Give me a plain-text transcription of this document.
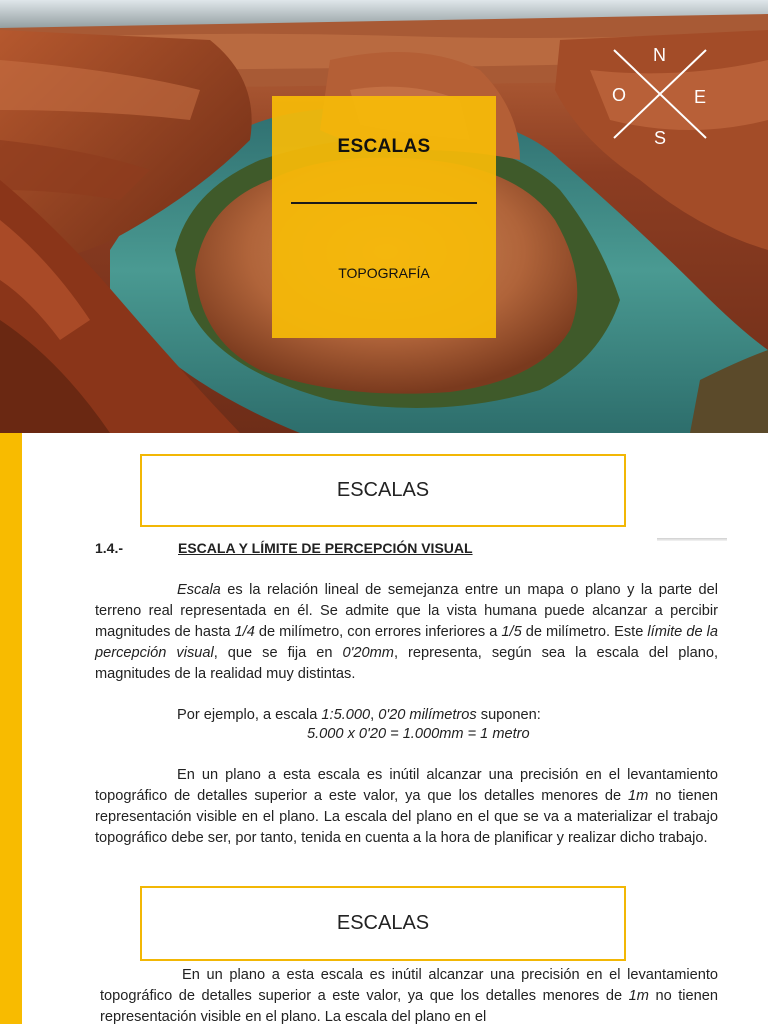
ESCALAS
TOPOGRAFÍA
N
O	E
S
ESCALAS
1.4.-	ESCALA Y LÍMITE DE PERCEPCIÓN VISUAL

Escala es la relación lineal de semejanza entre un mapa o plano y la parte del terreno real representada en él. Se admite que la vista humana puede alcanzar a percibir magnitudes de hasta 1/4 de milímetro, con errores inferiores a 1/5 de milímetro. Este límite de la percepción visual, que se fija en 0'20mm, representa, según sea la escala del plano, magnitudes de la realidad muy distintas.

Por ejemplo, a escala 1:5.000, 0'20 milímetros suponen:
5.000 x 0'20 = 1.000mm = 1 metro

En un plano a esta escala es inútil alcanzar una precisión en el levantamiento topográfico de detalles superior a este valor, ya que los detalles menores de 1m no tienen representación visible en el plano. La escala del plano en el que se va a materializar el trabajo topográfico debe ser, por tanto, tenida en cuenta a la hora de planificar y realizar dicho trabajo.

ESCALAS

En un plano a esta escala es inútil alcanzar una precisión en el levantamiento topográfico de detalles superior a este valor, ya que los detalles menores de 1m no tienen representación visible en el plano. La escala del plano en el
